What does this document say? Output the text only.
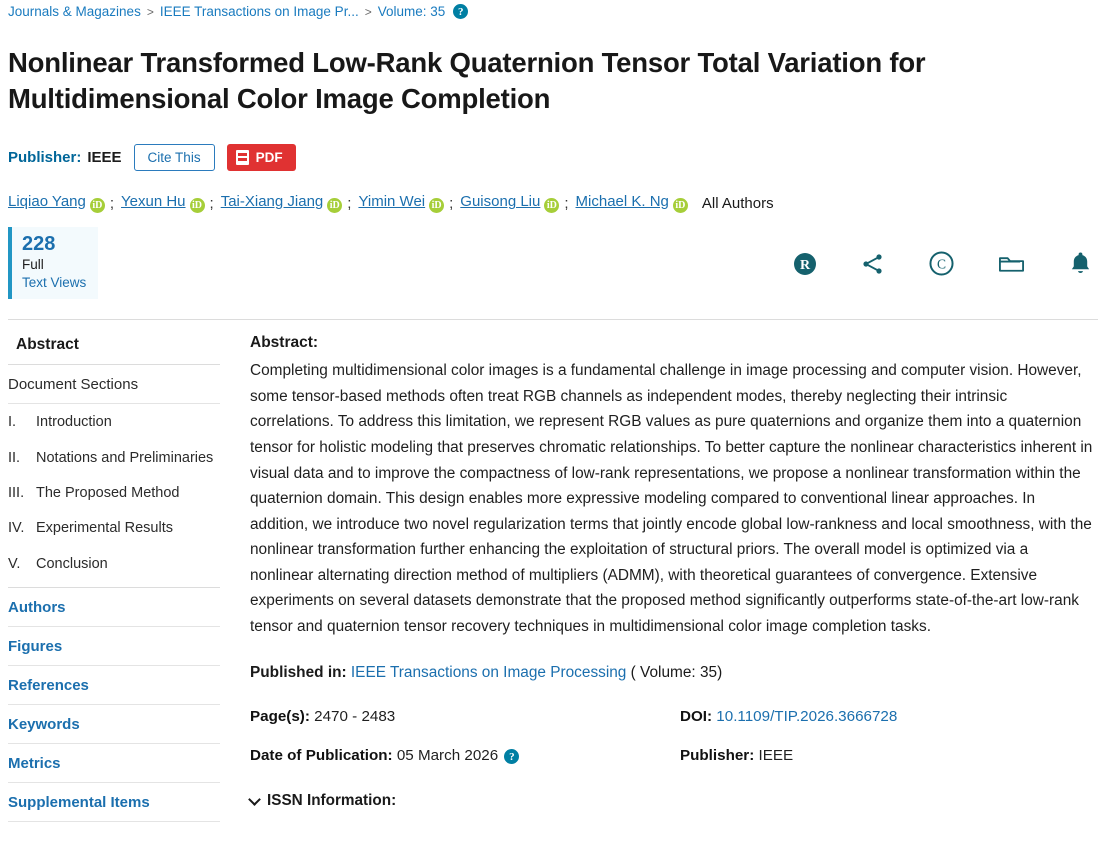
Journals & Magazines > IEEE Transactions on Image Pr... > Volume: 35	?
Nonlinear Transformed Low-Rank Quaternion Tensor Total Variation for Multidimensional Color Image Completion
Publisher: IEEE	Cite This	PDF
Liqiao Yang iD ; Yexun Hu iD ; Tai-Xiang Jiang iD ; Yimin Wei iD ; Guisong Liu iD ; Michael K. Ng iD All Authors
228
Full
Text Views
R	C
Abstract
Document Sections
I.	Introduction
II.	Notations and Preliminaries
III. The Proposed Method
IV. Experimental Results
V.	Conclusion
Authors
Figures
References
Keywords
Metrics
Supplemental Items
Abstract:
Completing multidimensional color images is a fundamental challenge in image processing and computer vision. However, some tensor-based methods often treat RGB channels as independent modes, thereby neglecting their intrinsic correlations. To address this limitation, we represent RGB values as pure quaternions and organize them into a quaternion tensor for holistic modeling that preserves chromatic relationships. To better capture the nonlinear characteristics inherent in visual data and to improve the compactness of low-rank representations, we propose a nonlinear transformation within the quaternion domain. This design enables more expressive modeling compared to conventional linear approaches. In addition, we introduce two novel regularization terms that jointly encode global low-rankness and local smoothness, with the nonlinear transformation further enhancing the exploitation of structural priors. The overall model is optimized via a nonlinear alternating direction method of multipliers (ADMM), with theoretical guarantees of convergence. Extensive experiments on several datasets demonstrate that the proposed method significantly outperforms state-of-the-art low-rank tensor and quaternion tensor recovery techniques in multidimensional color image completion tasks.
Published in: IEEE Transactions on Image Processing ( Volume: 35)
Page(s): 2470 - 2483
Date of Publication: 05 March 2026 ?
DOI: 10.1109/TIP.2026.3666728
Publisher: IEEE
ISSN Information:
